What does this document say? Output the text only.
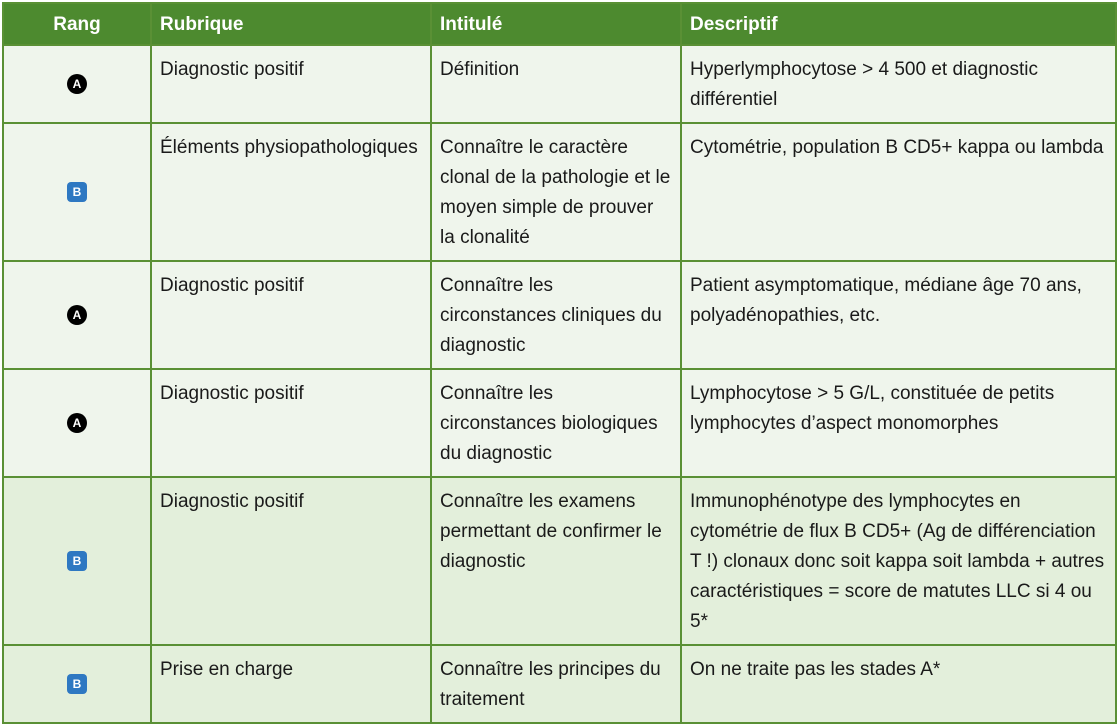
Rang	Rubrique	Intitulé	Descriptif
A	Diagnostic positif	Définition	Hyperlymphocytose > 4 500 et diagnostic différentiel
B	Éléments physiopathologiques	Connaître le caractère clonal de la pathologie et le moyen simple de prouver la clonalité	Cytométrie, population B CD5+ kappa ou lambda
A	Diagnostic positif	Connaître les circonstances cliniques du diagnostic	Patient asymptomatique, médiane âge 70 ans, polyadénopathies, etc.
A	Diagnostic positif	Connaître les circonstances biologiques du diagnostic	Lymphocytose > 5 G/L, constituée de petits lymphocytes d’aspect monomorphes
B	Diagnostic positif	Connaître les examens permettant de confirmer le diagnostic	Immunophénotype des lymphocytes en cytométrie de flux B CD5+ (Ag de différenciation T !) clonaux donc soit kappa soit lambda + autres caractéristiques = score de matutes LLC si 4 ou 5*
B	Prise en charge	Connaître les principes du traitement	On ne traite pas les stades A*
